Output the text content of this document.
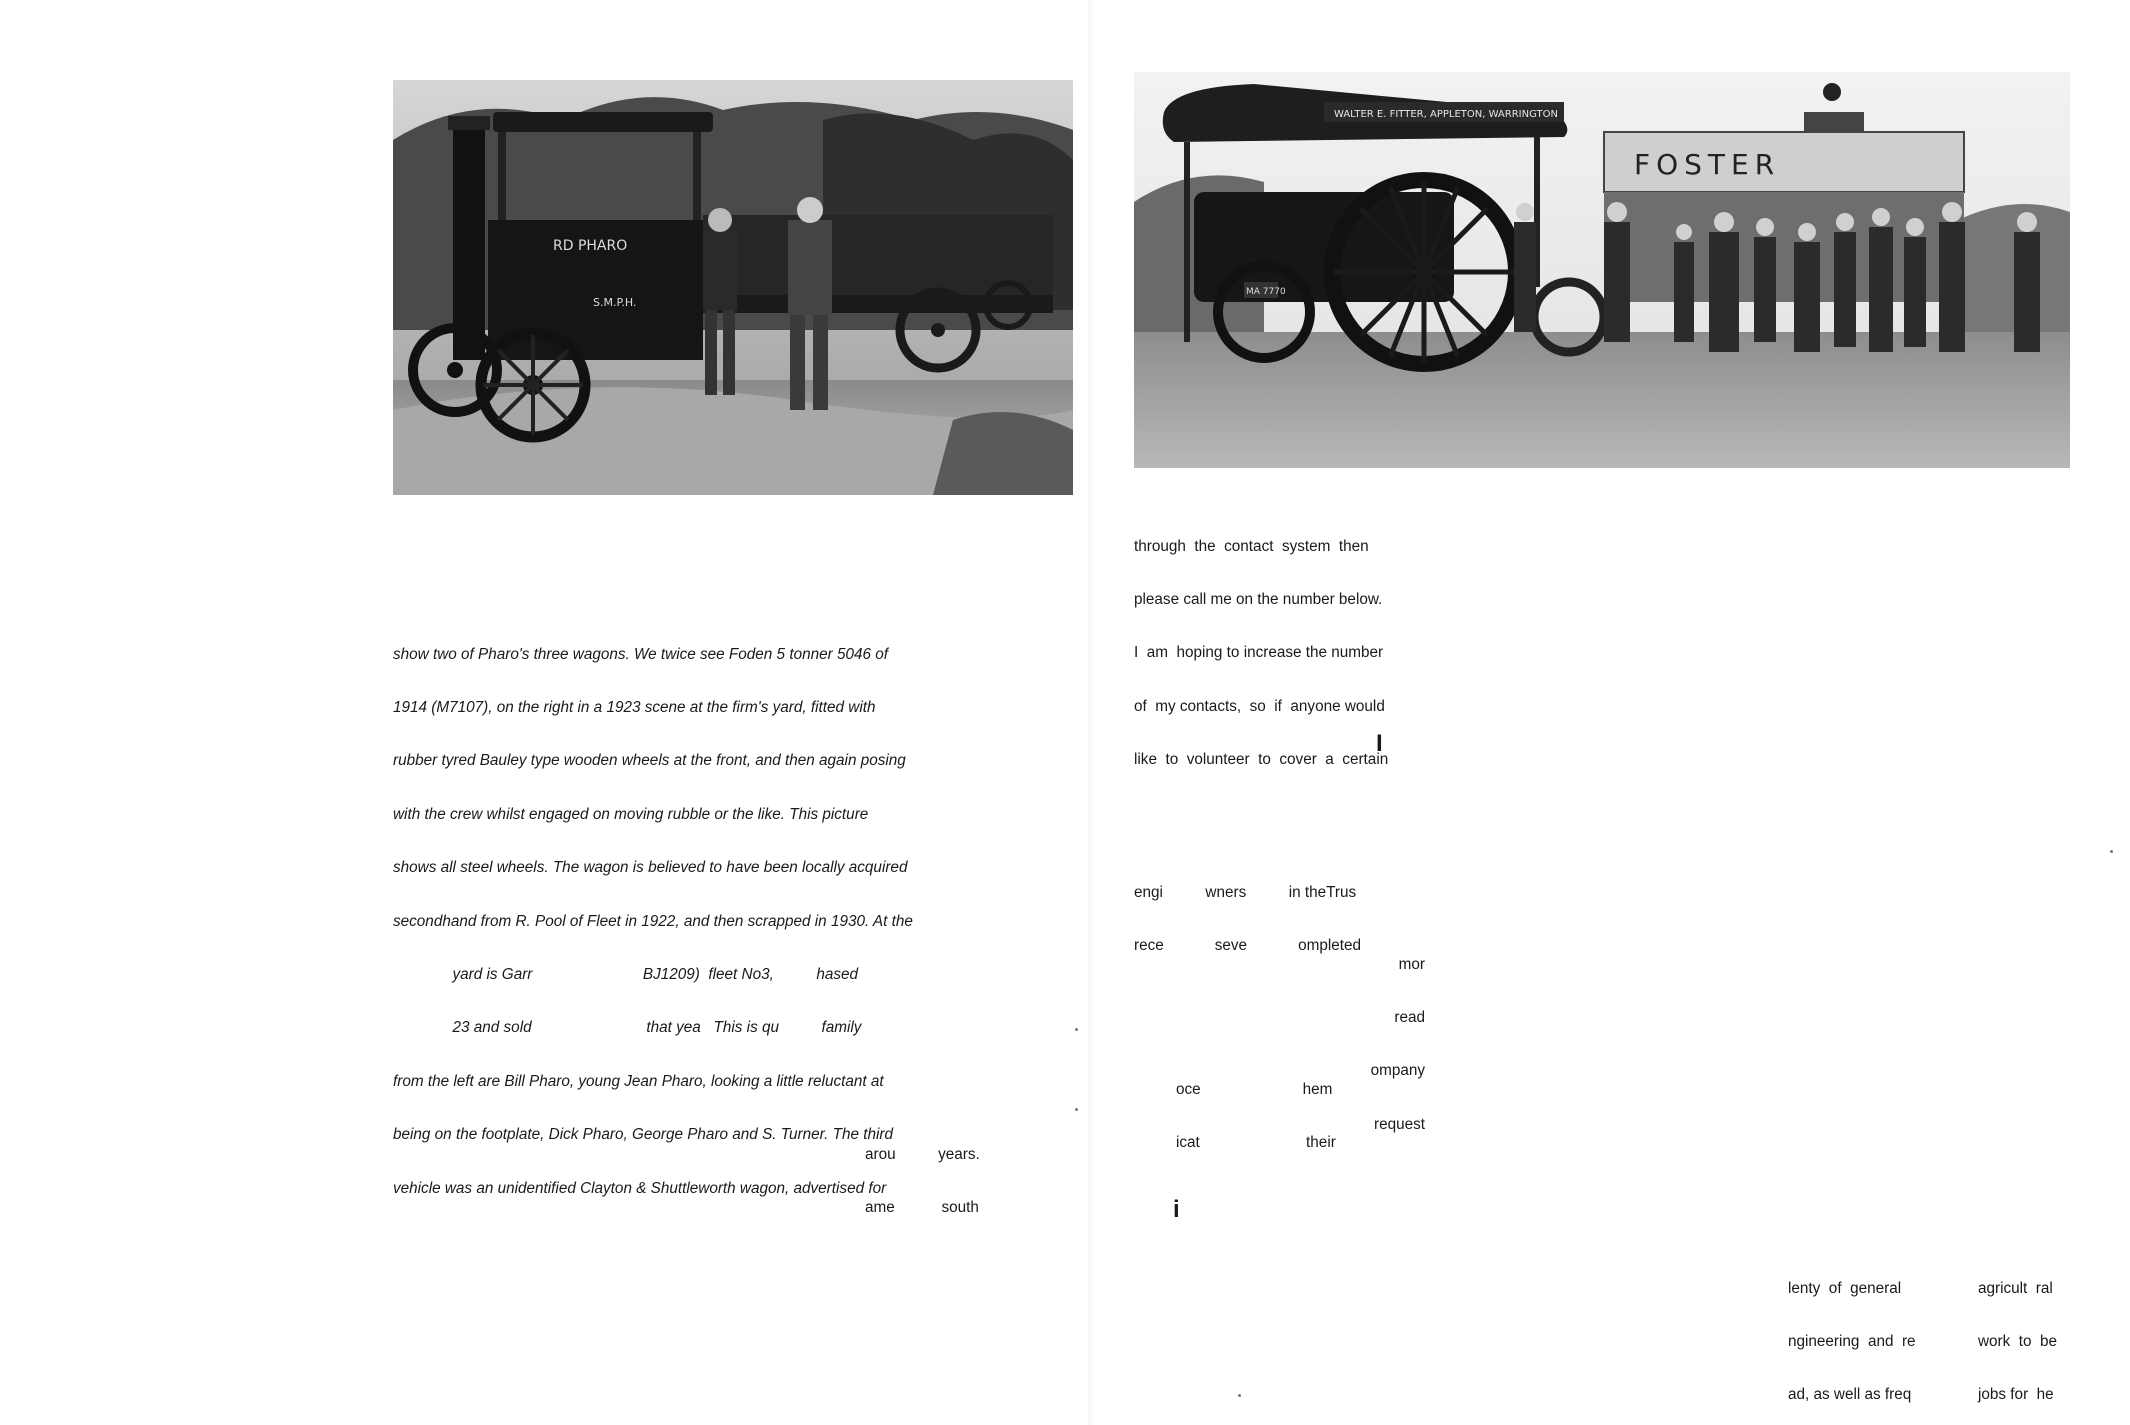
RD PHARO
S.M.P.H.
WALTER E. FITTER, APPLETON, WARRINGTON
MA 7770
FOSTER

show two of Pharo's three wagons. We twice see Foden 5 tonner 5046 of

1914 (M7107), on the right in a 1923 scene at the firm's yard, fitted with

rubber tyred Bauley type wooden wheels at the front, and then again posing

with the crew whilst engaged on moving rubble or the like. This picture

shows all steel wheels. The wagon is believed to have been locally acquired

secondhand from R. Pool of Fleet in 1922, and then scrapped in 1930. At the

yard is Garr                          BJ1209)  fleet No3,          hased

23 and sold                           that yea   This is qu          family

from the left are Bill Pharo, young Jean Pharo, looking a little reluctant at

being on the footplate, Dick Pharo, George Pharo and S. Turner. The third

vehicle was an unidentified Clayton & Shuttleworth wagon, advertised for

arou          years.

ame           south

through  the  contact  system  then

please call me on the number below.

I  am  hoping to increase the number

of  my contacts,  so  if  anyone would

like  to  volunteer  to  cover  a  certain

I

engi          wners          in theTrus

rece            seve            ompleted

mor

read

ompany

request

oce                        hem

icat                         their

i

lenty  of  general

ngineering  and  re

ad, as well as freq

agricult  ral

work  to  be

jobs for  he
